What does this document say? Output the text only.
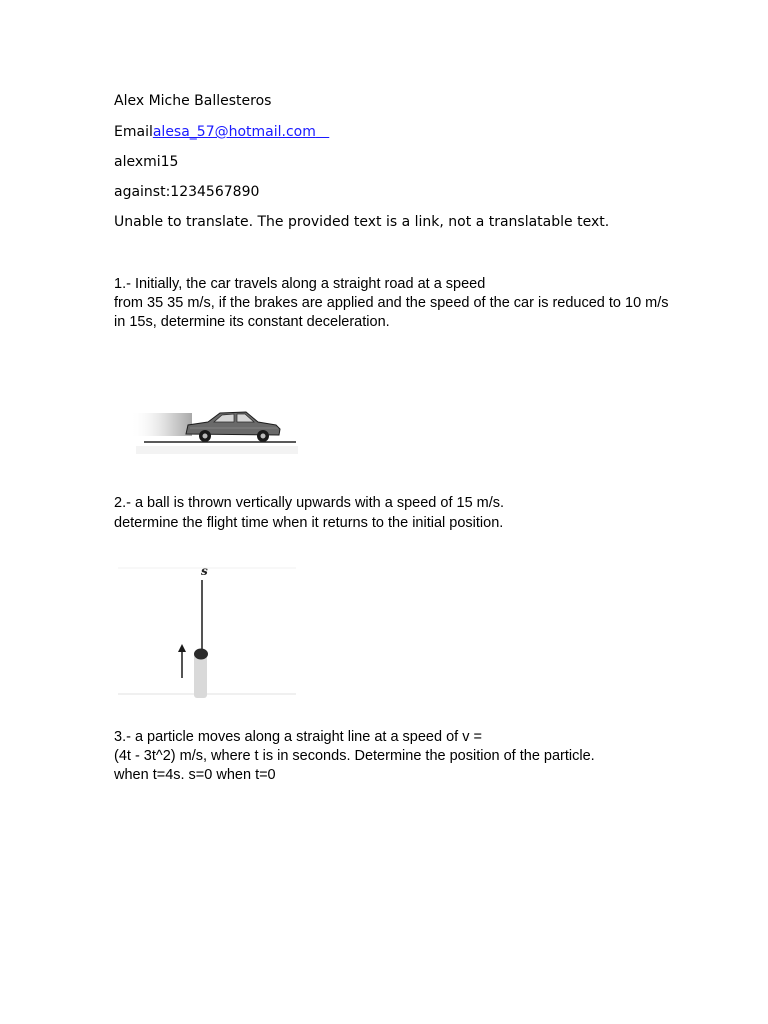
Alex Miche Ballesteros
Emailalesa_57@hotmail.com
alexmi15
against:1234567890
Unable to translate. The provided text is a link, not a translatable text.
1.- Initially, the car travels along a straight road at a speed
from 35 35 m/s, if the brakes are applied and the speed of the car is reduced to 10 m/s
in 15s, determine its constant deceleration.
2.- a ball is thrown vertically upwards with a speed of 15 m/s.
determine the flight time when it returns to the initial position.
s
3.- a particle moves along a straight line at a speed of v =
(4t - 3t^2) m/s, where t is in seconds. Determine the position of the particle.
when t=4s. s=0 when t=0
